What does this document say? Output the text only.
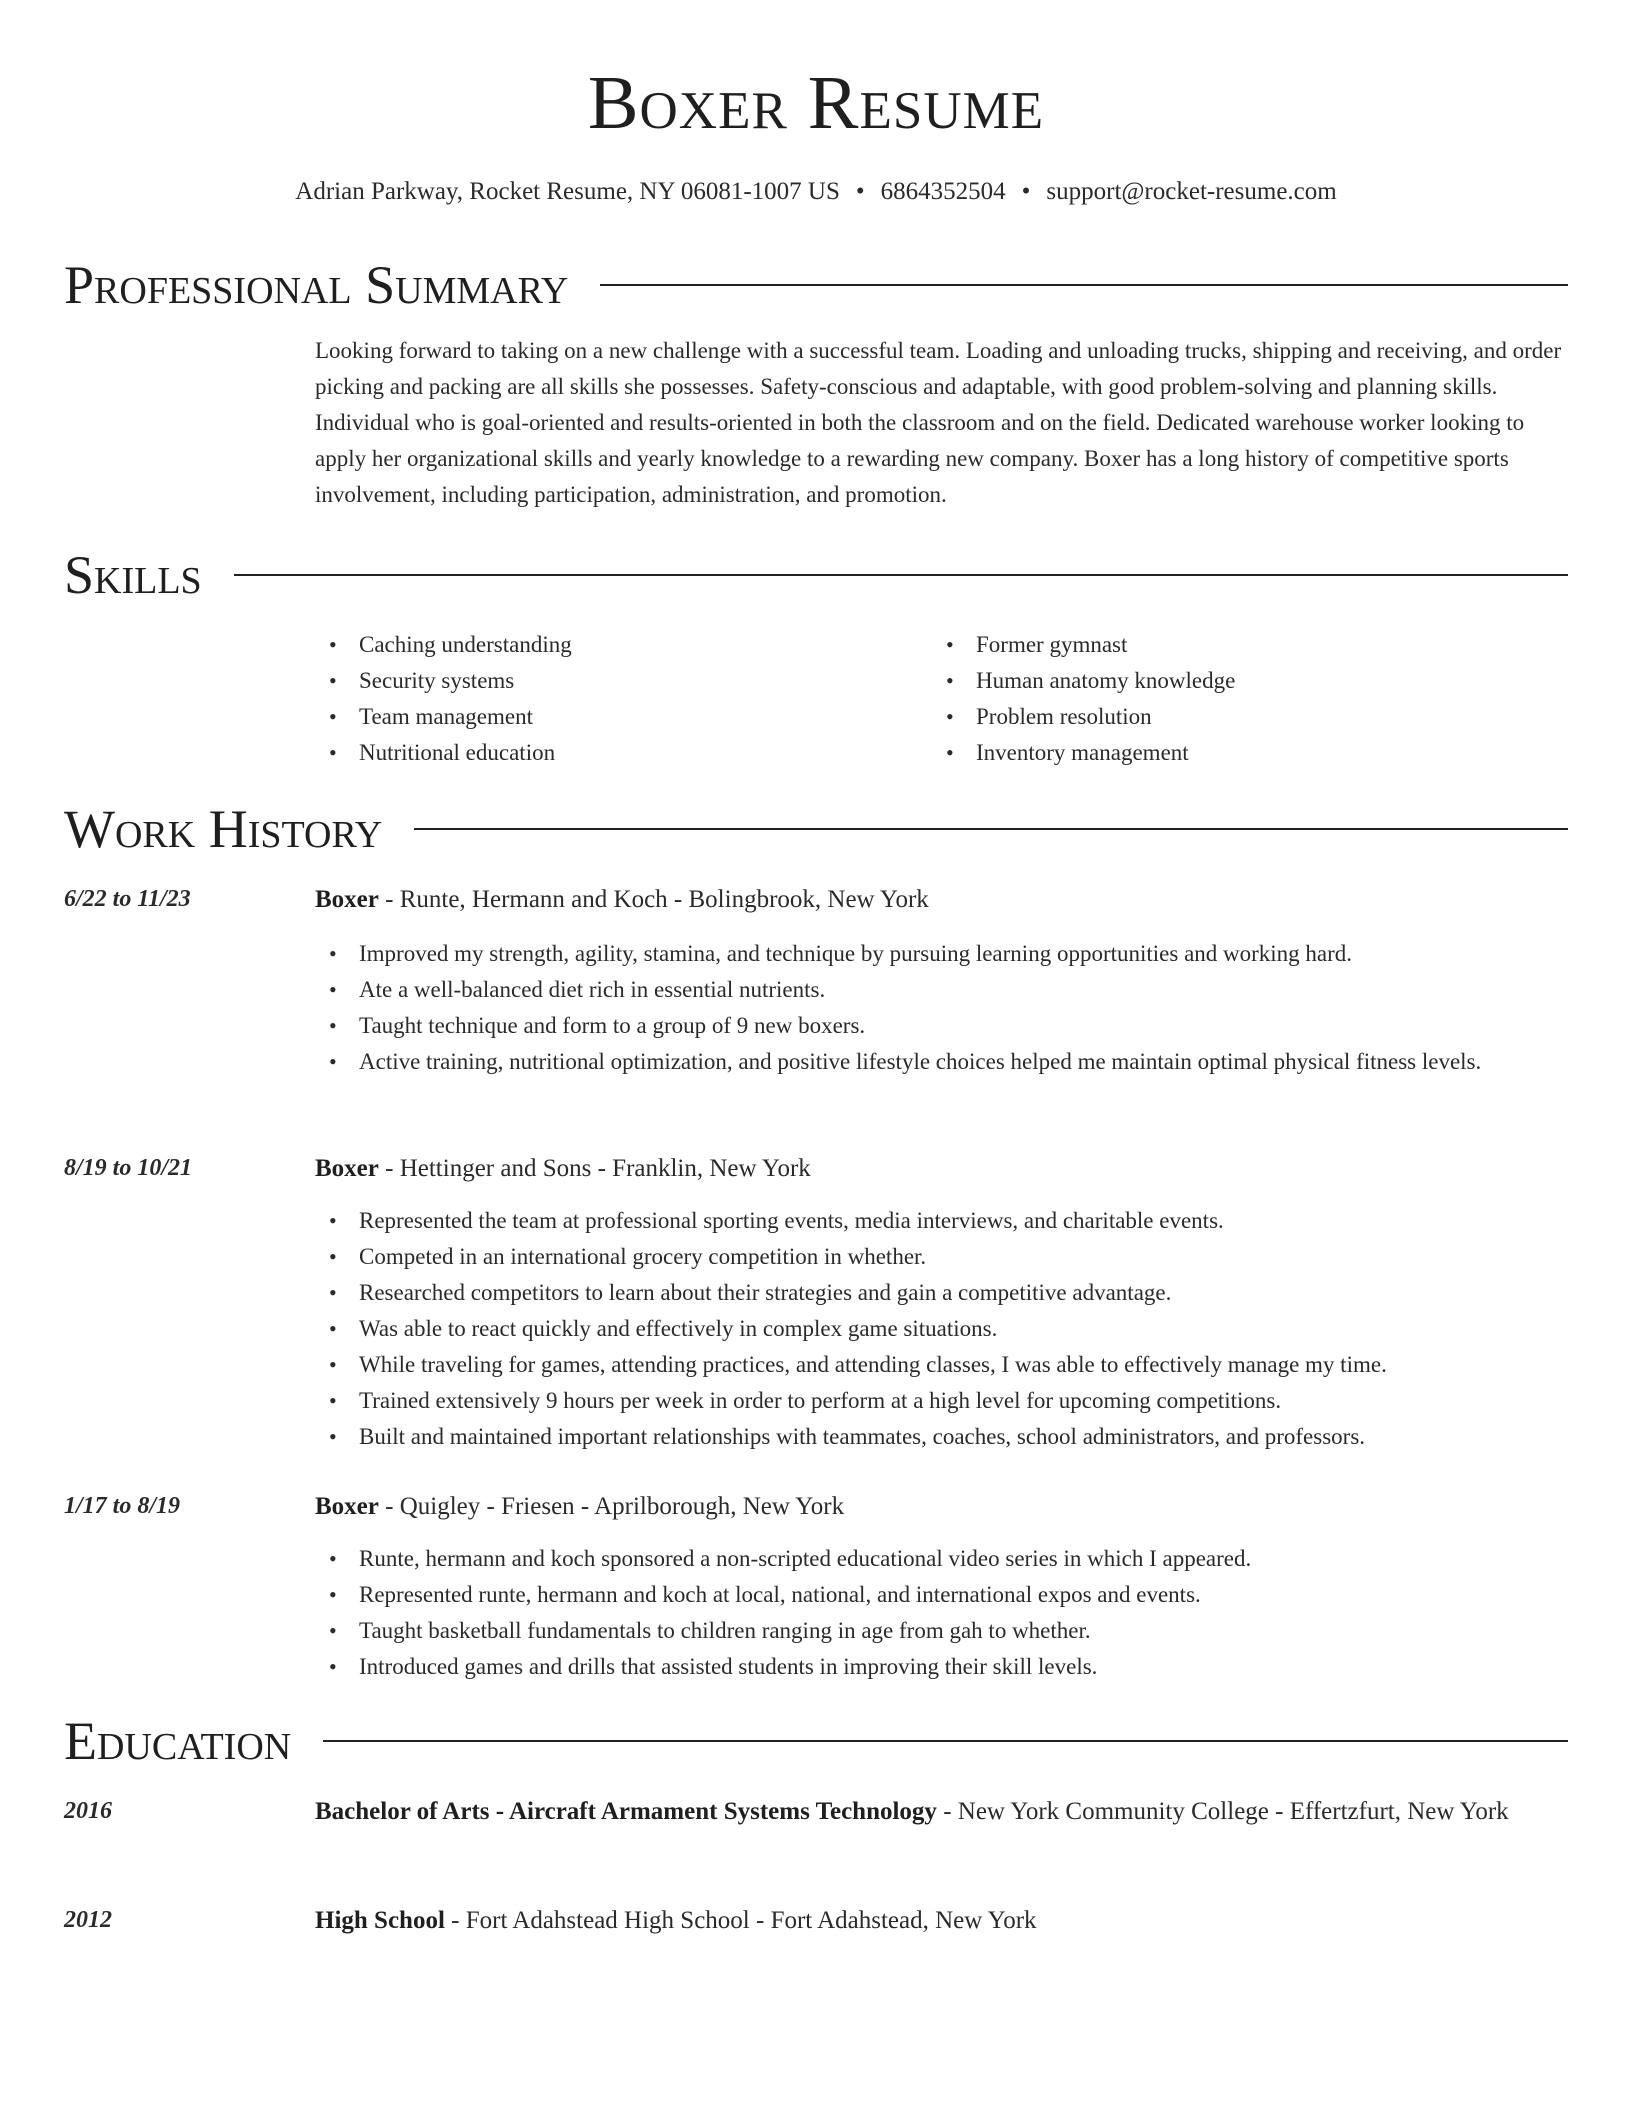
Boxer Resume
Adrian Parkway, Rocket Resume, NY 06081-1007 US • 6864352504 • support@rocket-resume.com
Professional Summary

Looking forward to taking on a new challenge with a successful team. Loading and unloading trucks, shipping and receiving, and order picking and packing are all skills she possesses. Safety-conscious and adaptable, with good problem-solving and planning skills. Individual who is goal-oriented and results-oriented in both the classroom and on the field. Dedicated warehouse worker looking to apply her organizational skills and yearly knowledge to a rewarding new company. Boxer has a long history of competitive sports involvement, including participation, administration, and promotion.

Skills
• Caching understanding
• Security systems
• Team management
• Nutritional education
• Former gymnast
• Human anatomy knowledge
• Problem resolution
• Inventory management
Work History
6/22 to 11/23	Boxer - Runte, Hermann and Koch - Bolingbrook, New York
• Improved my strength, agility, stamina, and technique by pursuing learning opportunities and working hard.
• Ate a well-balanced diet rich in essential nutrients.
• Taught technique and form to a group of 9 new boxers.
• Active training, nutritional optimization, and positive lifestyle choices helped me maintain optimal physical fitness levels.
8/19 to 10/21	Boxer - Hettinger and Sons - Franklin, New York
• Represented the team at professional sporting events, media interviews, and charitable events.
• Competed in an international grocery competition in whether.
• Researched competitors to learn about their strategies and gain a competitive advantage.
• Was able to react quickly and effectively in complex game situations.
• While traveling for games, attending practices, and attending classes, I was able to effectively manage my time.
• Trained extensively 9 hours per week in order to perform at a high level for upcoming competitions.
• Built and maintained important relationships with teammates, coaches, school administrators, and professors.
1/17 to 8/19	Boxer - Quigley - Friesen - Aprilborough, New York
• Runte, hermann and koch sponsored a non-scripted educational video series in which I appeared.
• Represented runte, hermann and koch at local, national, and international expos and events.
• Taught basketball fundamentals to children ranging in age from gah to whether.
• Introduced games and drills that assisted students in improving their skill levels.
Education
2016	Bachelor of Arts - Aircraft Armament Systems Technology - New York Community College - Effertzfurt, New York
2012	High School - Fort Adahstead High School - Fort Adahstead, New York
